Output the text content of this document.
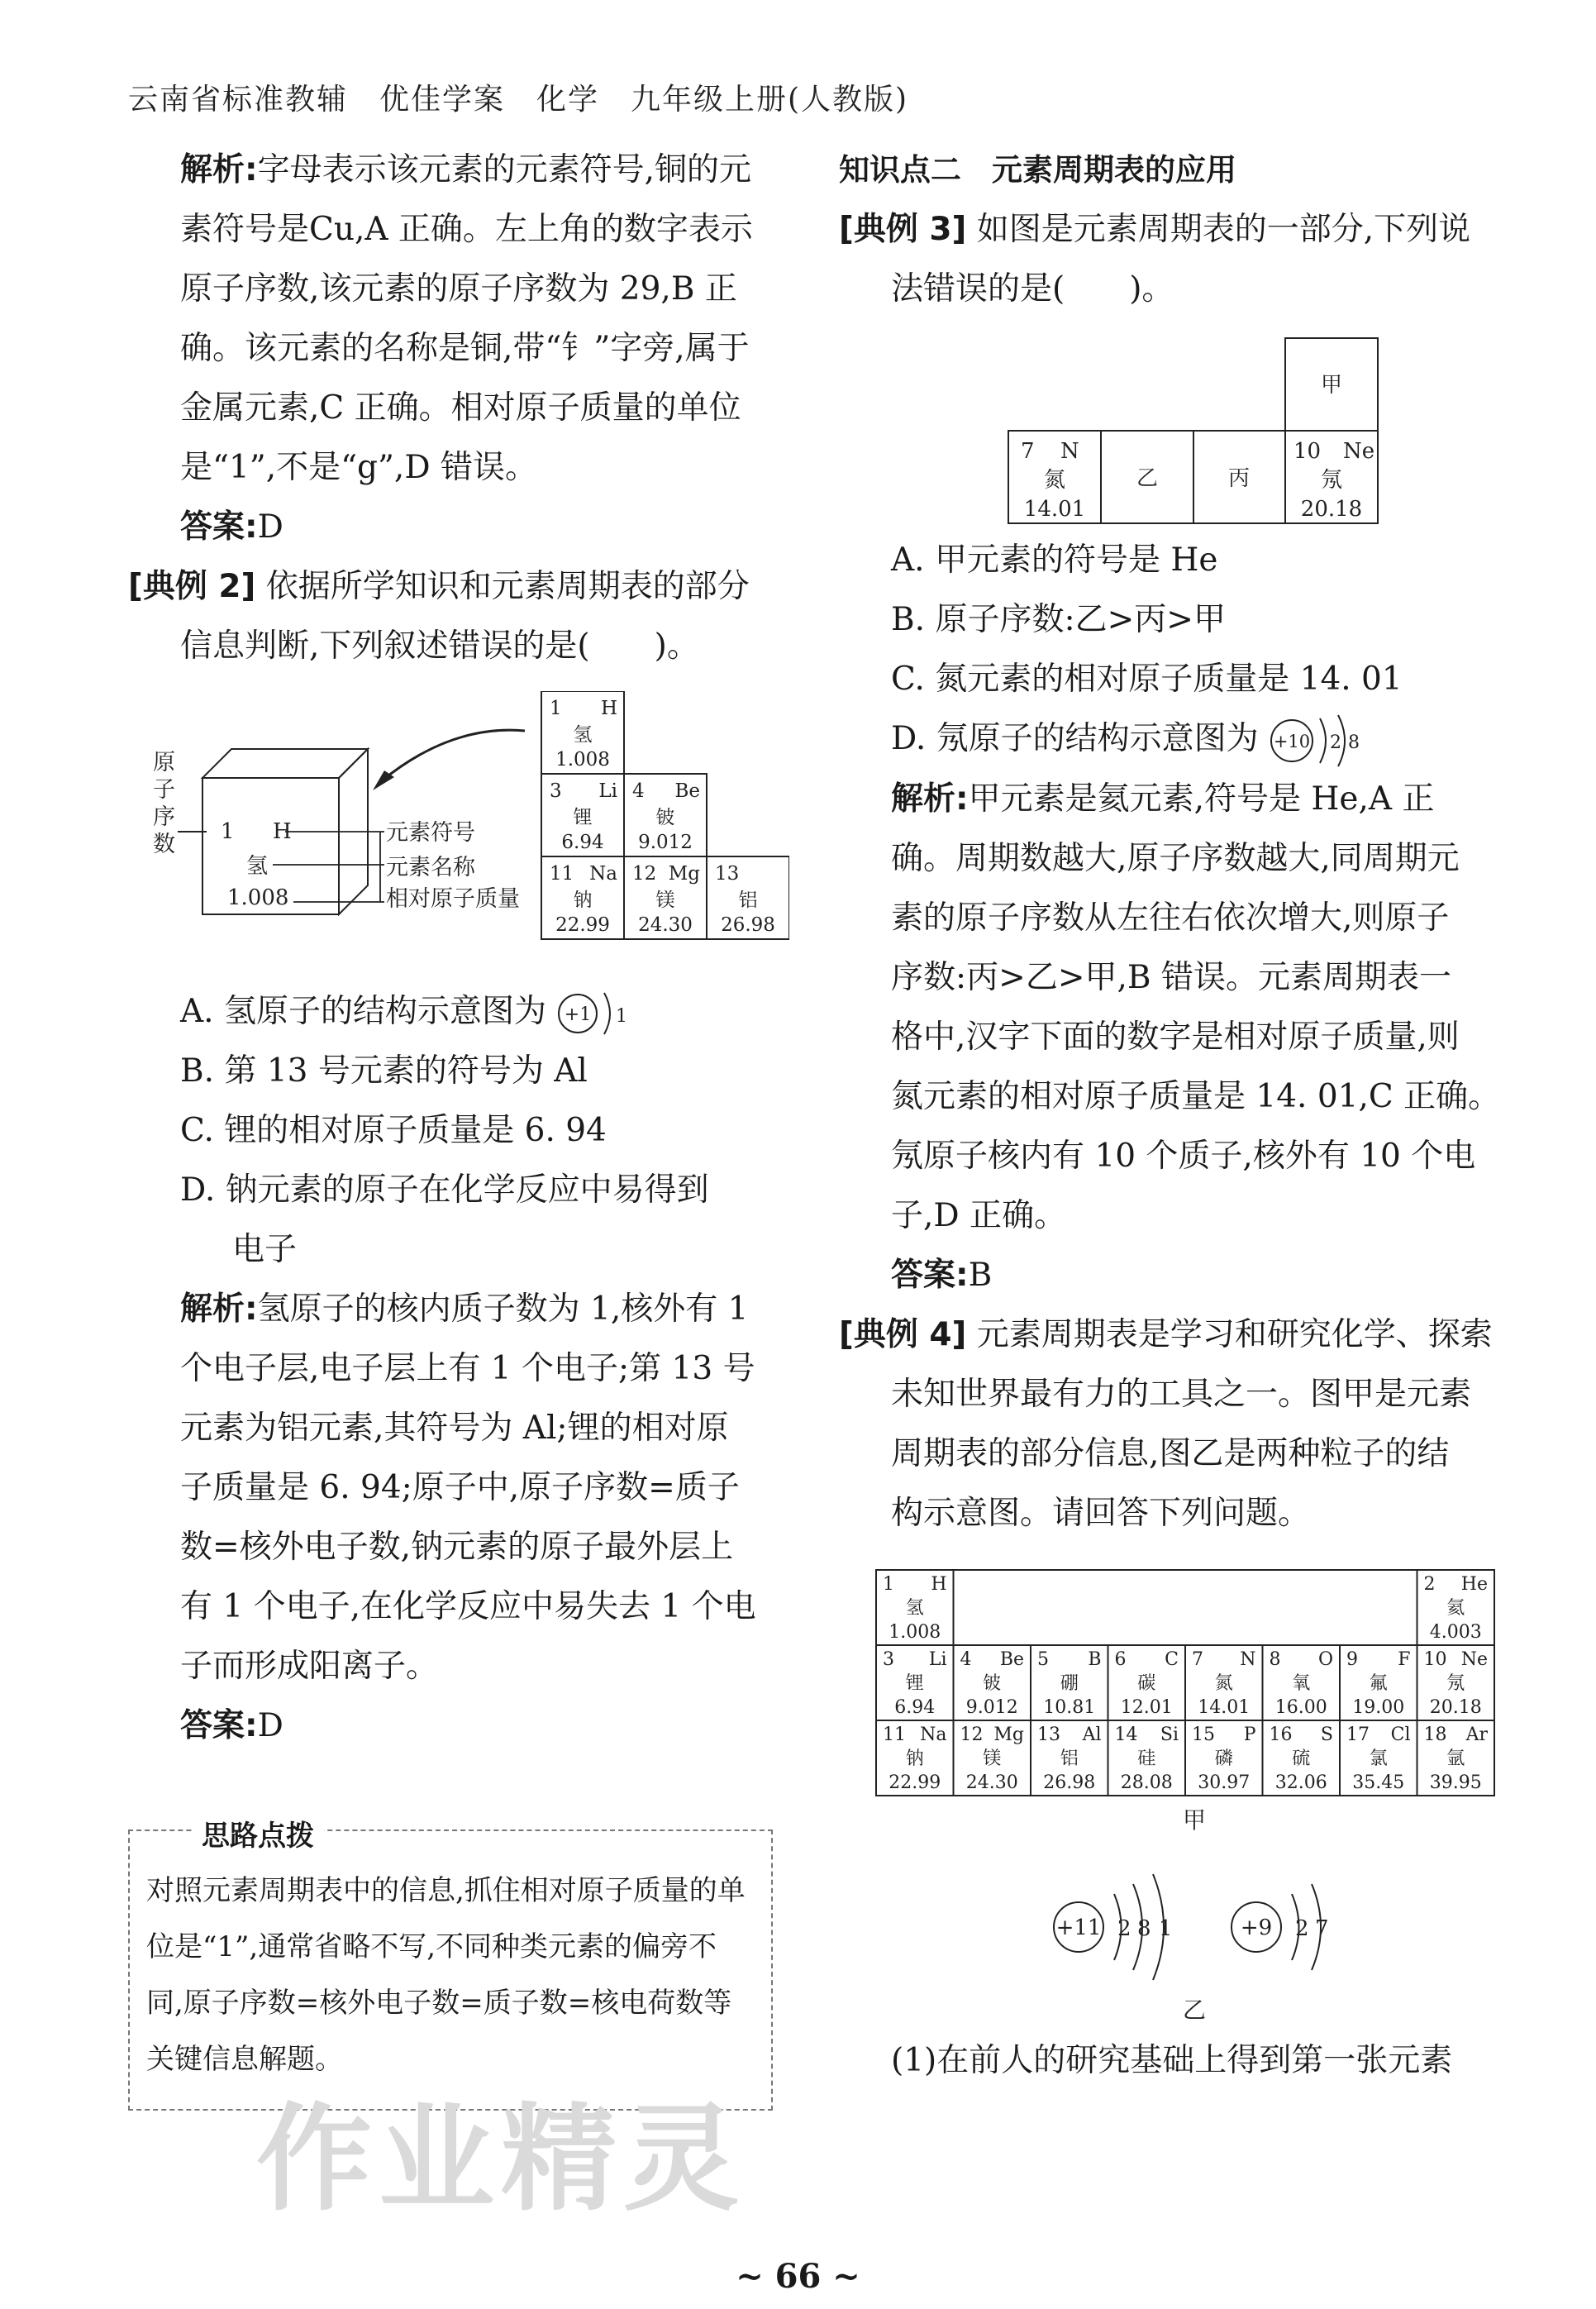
云南省标准教辅　优佳学案　化学　九年级上册(人教版)
解析:字母表示该元素的元素符号,铜的元
素符号是Cu,A 正确。左上角的数字表示
原子序数,该元素的原子序数为 29,B 正
确。该元素的名称是铜,带“钅”字旁,属于
金属元素,C 正确。相对原子质量的单位
是“1”,不是“g”,D 错误。
答案:D
[典例 2] 依据所学知识和元素周期表的部分
信息判断,下列叙述错误的是(　　)。
原
子
序
数 1 H
氢
1.008
元素符号
元素名称
相对原子质量
1 H
氢
1.008
3 Li
锂
6.94
4 Be
铍
9.012
11 Na
钠
22.99
12 Mg
镁
24.30
13
铝
26.98
A. 氢原子的结构示意图为 +1 1
B. 第 13 号元素的符号为 Al
C. 锂的相对原子质量是 6. 94
D. 钠元素的原子在化学反应中易得到
电子
解析:氢原子的核内质子数为 1,核外有 1
个电子层,电子层上有 1 个电子;第 13 号
元素为铝元素,其符号为 Al;锂的相对原
子质量是 6. 94;原子中,原子序数=质子
数=核外电子数,钠元素的原子最外层上
有 1 个电子,在化学反应中易失去 1 个电
子而形成阳离子。
答案:D
思路点拨
对照元素周期表中的信息,抓住相对原子质量的单
位是“1”,通常省略不写,不同种类元素的偏旁不
同,原子序数=核外电子数=质子数=核电荷数等
关键信息解题。
作业精灵
知识点二　元素周期表的应用
[典例 3] 如图是元素周期表的一部分,下列说
法错误的是(　　)。
甲
7 N
氮
14.01
乙	丙
10 Ne
氖
20.18
A. 甲元素的符号是 He
B. 原子序数:乙>丙>甲
C. 氮元素的相对原子质量是 14. 01
D. 氖原子的结构示意图为 +10 2 8
解析:甲元素是氦元素,符号是 He,A 正
确。周期数越大,原子序数越大,同周期元
素的原子序数从左往右依次增大,则原子
序数:丙>乙>甲,B 错误。元素周期表一
格中,汉字下面的数字是相对原子质量,则
氮元素的相对原子质量是 14. 01,C 正确。
氖原子核内有 10 个质子,核外有 10 个电
子,D 正确。
答案:B
[典例 4] 元素周期表是学习和研究化学、探索
未知世界最有力的工具之一。图甲是元素
周期表的部分信息,图乙是两种粒子的结
构示意图。请回答下列问题。
1 H
氢
1.008
2 He
氦
4.003
3 Li
锂
6.94
4 Be
铍
9.012
5 B
硼
10.81
6 C
碳
12.01
7 N
氮
14.01
8 O
氧
16.00
9 F
氟
19.00
10 Ne
氖
20.18
11 Na
钠
22.99
12 Mg
镁
24.30
13 Al
铝
26.98
14 Si
硅
28.08
15 P
磷
30.97
16 S
硫
32.06
17 Cl
氯
35.45
18 Ar
氩
39.95
甲
+11 2 8 1	+9 2 7
乙
(1)在前人的研究基础上得到第一张元素
~ 66 ~
